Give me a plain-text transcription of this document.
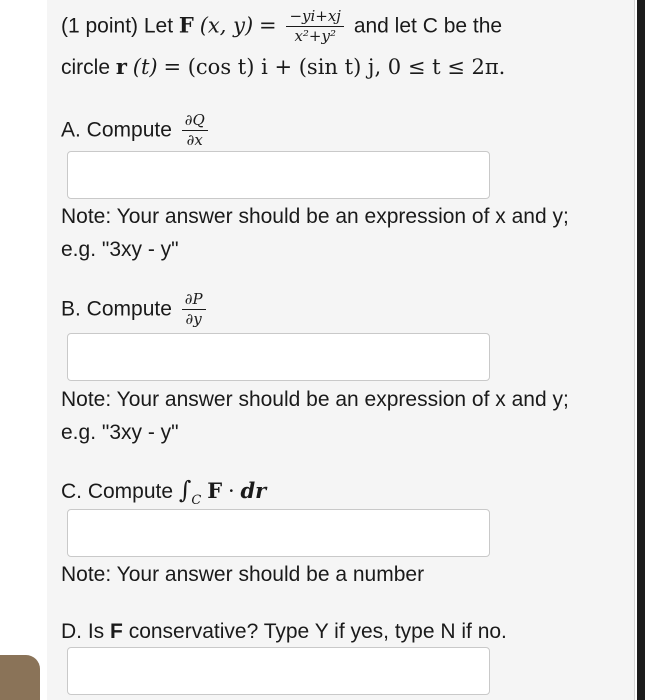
(1 point) Let F (x, $y) = \frac{-yi+xj}{\text{x²+y²}}$ and let C be the
circle r (t) = (cos t) i + (sin t) j, 0 ≤ t ≤ 2π.
A. Compute $\frac{\partial Q}{\partial x}$
Note: Your answer should be an expression of x and y; e.g. "3xy - y"
B. Compute $\frac{\partial P}{\partial y}$
Note: Your answer should be an expression of x and y; e.g. "3xy - y"
C. Compute $\int_C$ F · dr
Note: Your answer should be a number
D. Is F conservative? Type Y if yes, type N if no.
